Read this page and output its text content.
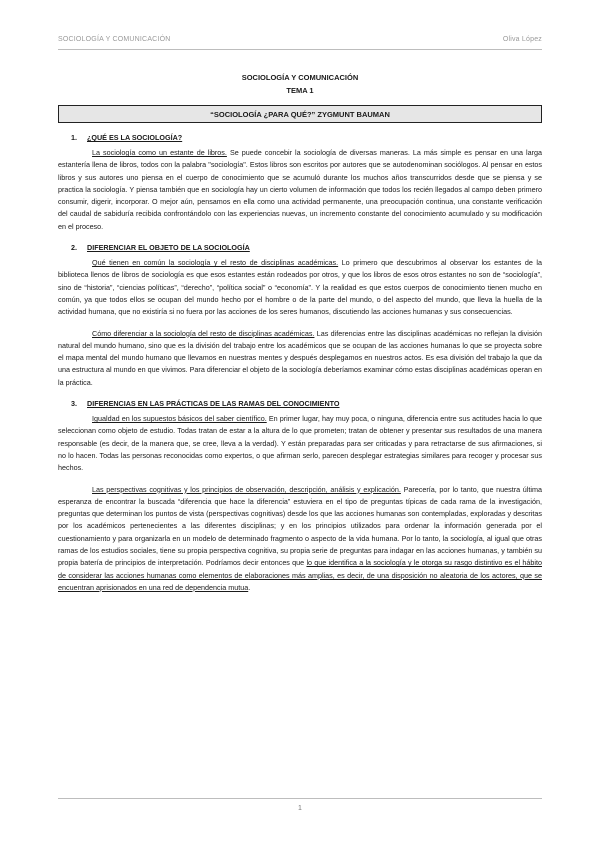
SOCIOLOGÍA Y COMUNICACIÓN	Oliva López
SOCIOLOGÍA Y COMUNICACIÓN
TEMA 1
“SOCIOLOGÍA ¿PARA QUÉ?” ZYGMUNT BAUMAN
1.	¿QUÉ ES LA SOCIOLOGÍA?

La sociología como un estante de libros. Se puede concebir la sociología de diversas maneras. La más simple es pensar en una larga estantería llena de libros, todos con la palabra "sociología". Estos libros son escritos por autores que se autodenominan sociólogos. Al pensar en estos libros y sus autores uno piensa en el cuerpo de conocimiento que se acumuló durante los muchos años transcurridos desde que se piensa y se practica la sociología. Y piensa también que en sociología hay un cierto volumen de información que todos los recién llegados al campo deben primero consumir, digerir, incorporar. O mejor aún, pensamos en ella como una actividad permanente, una preocupación continua, una constante verificación del caudal de sabiduría recibida confrontándolo con las experiencias nuevas, un incremento constante del conocimiento acumulado y su modificación en el proceso.

2.	DIFERENCIAR EL OBJETO DE LA SOCIOLOGÍA

Qué tienen en común la sociología y el resto de disciplinas académicas. Lo primero que descubrimos al observar los estantes de la biblioteca llenos de libros de sociología es que esos estantes están rodeados por otros, y que los libros de esos otros estantes no son de “sociología”, sino de “historia”, “ciencias políticas”, “derecho”, “política social” o “economía”. Y la realidad es que estos cuerpos de conocimiento tienen mucho en común, ya que todos ellos se ocupan del mundo hecho por el hombre o de la parte del mundo, o del aspecto del mundo, que lleva la huella de la actividad humana, que no existiría si no fuera por las acciones de los seres humanos, discutiendo las acciones humanas y sus consecuencias.

Cómo diferenciar a la sociología del resto de disciplinas académicas. Las diferencias entre las disciplinas académicas no reflejan la división natural del mundo humano, sino que es la división del trabajo entre los académicos que se ocupan de las acciones humanas lo que se proyecta sobre el mapa mental del mundo humano que llevamos en nuestras mentes y después desplegamos en nuestros actos. Es esa división del trabajo la que da una estructura al mundo en que vivimos. Para diferenciar el objeto de la sociología deberíamos examinar cómo estas disciplinas académicas operan en la práctica.

3.	DIFERENCIAS EN LAS PRÁCTICAS DE LAS RAMAS DEL CONOCIMIENTO

Igualdad en los supuestos básicos del saber científico. En primer lugar, hay muy poca, o ninguna, diferencia entre sus actitudes hacia lo que seleccionan como objeto de estudio. Todas tratan de estar a la altura de lo que prometen; tratan de obtener y presentar sus resultados de una manera responsable (es decir, de la manera que, se cree, lleva a la verdad). Y están preparadas para ser criticadas y para retractarse de sus afirmaciones, si no lo hacen. Todas las personas reconocidas como expertos, o que afirman serlo, parecen desplegar estrategias similares para recoger y procesar sus hechos.

Las perspectivas cognitivas y los principios de observación, descripción, análisis y explicación. Parecería, por lo tanto, que nuestra última esperanza de encontrar la buscada “diferencia que hace la diferencia” estuviera en el tipo de preguntas típicas de cada rama de la investigación, preguntas que determinan los puntos de vista (perspectivas cognitivas) desde los que las acciones humanas son contempladas, exploradas y descritas por los académicos pertenecientes a las diferentes disciplinas; y en los principios utilizados para ordenar la información generada por el cuestionamiento y para organizarla en un modelo de determinado fragmento o aspecto de la vida humana. Por lo tanto, la sociología, al igual que otras ramas de los estudios sociales, tiene su propia perspectiva cognitiva, su propia serie de preguntas para indagar en las acciones humanas, y también su propia batería de principios de interpretación. Podríamos decir entonces que lo que identifica a la sociología y le otorga su rasgo distintivo es el hábito de considerar las acciones humanas como elementos de elaboraciones más amplias, es decir, de una disposición no aleatoria de los actores, que se encuentran aprisionados en una red de dependencia mutua.

1
